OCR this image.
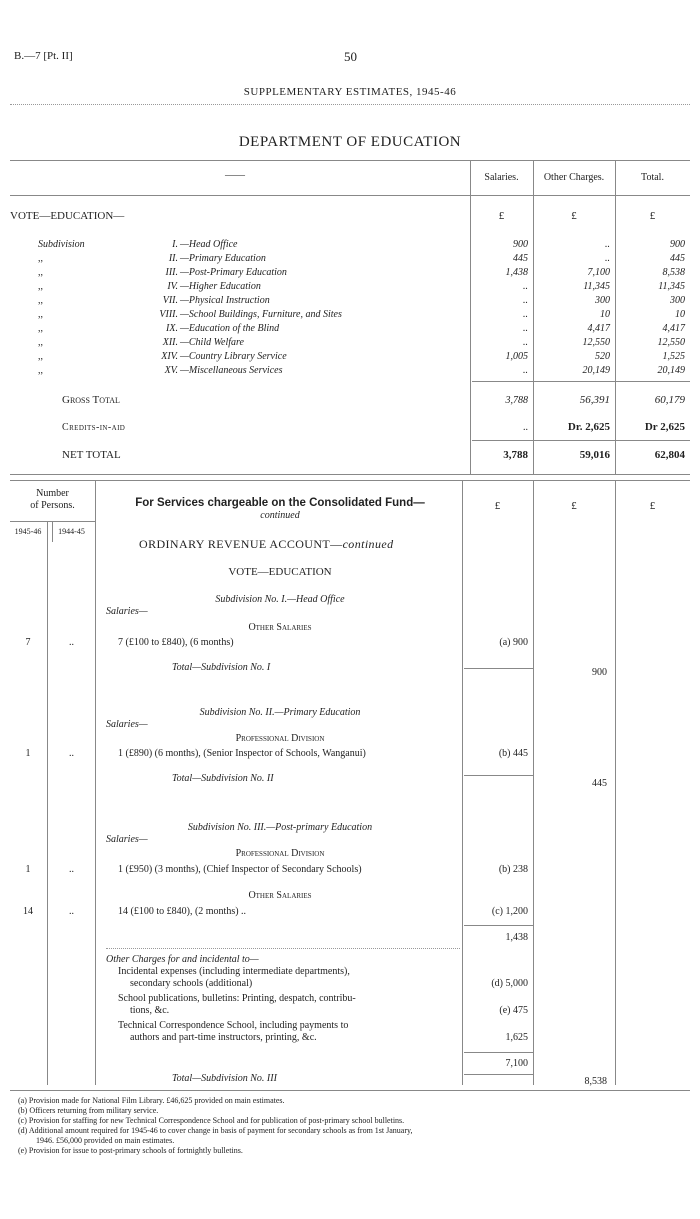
B.—7 [Pt. II]	50
SUPPLEMENTARY ESTIMATES, 1945-46
DEPARTMENT OF EDUCATION
——	Salaries.	Other Charges.	Total.
VOTE—EDUCATION—	£	£	£
Subdivision	I. —Head Office	900	..	900
,,	II. —Primary Education	445	..	445
,,	III. —Post-Primary Education	1,438	7,100	8,538
,,	IV. —Higher Education	..	11,345	11,345
,,	VII. —Physical Instruction	..	300	300
,,	VIII. —School Buildings, Furniture, and Sites	..	10	10
,,	IX. —Education of the Blind	..	4,417	4,417
,,	XII. —Child Welfare	..	12,550	12,550
,,	XIV. —Country Library Service	1,005	520	1,525
,,	XV. —Miscellaneous Services	..	20,149	20,149
Gross Total	3,788	56,391	60,179
Credits-in-aid	..	Dr. 2,625	Dr 2,625
NET TOTAL	3,788	59,016	62,804
Number
of Persons.
1945-46	1944-45
For Services chargeable on the Consolidated Fund—
continued
£	£	£
ORDINARY REVENUE ACCOUNT—continued
VOTE—EDUCATION
Subdivision No. I.—Head Office
Salaries—
Other Salaries
7	..	7 (£100 to £840), (6 months)	(a) 900
Total—Subdivision No. I	900
Subdivision No. II.—Primary Education
Salaries—
Professional Division
1	..	1 (£890) (6 months), (Senior Inspector of Schools, Wanganui)	(b) 445
Total—Subdivision No. II	445
Subdivision No. III.—Post-primary Education
Salaries—
Professional Division
1	..	1 (£950) (3 months), (Chief Inspector of Secondary Schools)	(b) 238
Other Salaries
14	..	14 (£100 to £840), (2 months) ..	(c) 1,200
1,438
Other Charges for and incidental to—
Incidental expenses (including intermediate departments),
secondary schools (additional)	(d) 5,000
School publications, bulletins: Printing, despatch, contribu-
tions, &c.	(e) 475
Technical Correspondence School, including payments to
authors and part-time instructors, printing, &c.	1,625
7,100
Total—Subdivision No. III	8,538
(a) Provision made for National Film Library. £46,625 provided on main estimates.
(b) Officers returning from military service.
(c) Provision for staffing for new Technical Correspondence School and for publication of post-primary school bulletins.
(d) Additional amount required for 1945-46 to cover change in basis of payment for secondary schools as from 1st January,
1946. £56,000 provided on main estimates.
(e) Provision for issue to post-primary schools of fortnightly bulletins.
